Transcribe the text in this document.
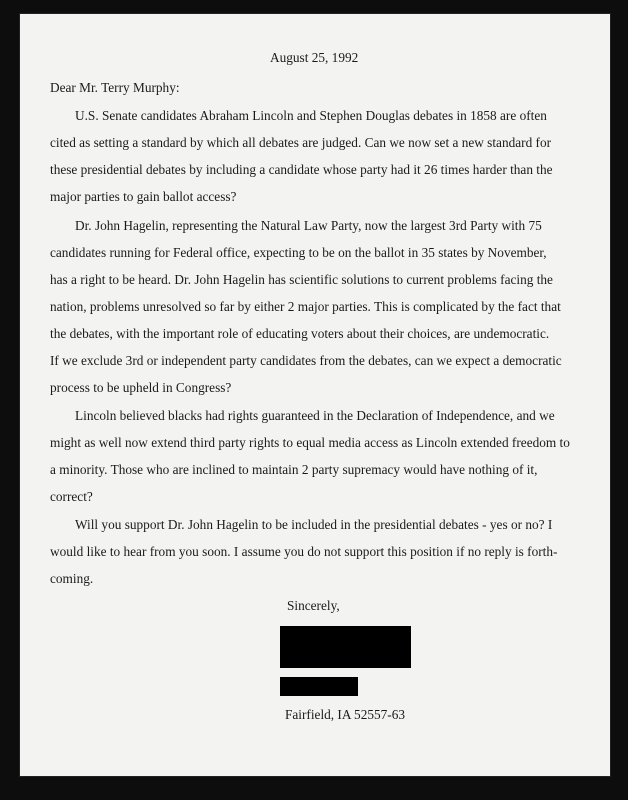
August 25, 1992
Dear Mr. Terry Murphy:
U.S. Senate candidates Abraham Lincoln and Stephen Douglas debates in 1858 are often
cited as setting a standard by which all debates are judged. Can we now set a new standard for
these presidential debates by including a candidate whose party had it 26 times harder than the
major parties to gain ballot access?
Dr. John Hagelin, representing the Natural Law Party, now the largest 3rd Party with 75
candidates running for Federal office, expecting to be on the ballot in 35 states by November,
has a right to be heard. Dr. John Hagelin has scientific solutions to current problems facing the
nation, problems unresolved so far by either 2 major parties. This is complicated by the fact that
the debates, with the important role of educating voters about their choices, are undemocratic.
If we exclude 3rd or independent party candidates from the debates, can we expect a democratic
process to be upheld in Congress?
Lincoln believed blacks had rights guaranteed in the Declaration of Independence, and we
might as well now extend third party rights to equal media access as Lincoln extended freedom to
a minority. Those who are inclined to maintain 2 party supremacy would have nothing of it,
correct?
Will you support Dr. John Hagelin to be included in the presidential debates - yes or no? I
would like to hear from you soon. I assume you do not support this position if no reply is forth-
coming.
Sincerely,
Fairfield, IA 52557-63
